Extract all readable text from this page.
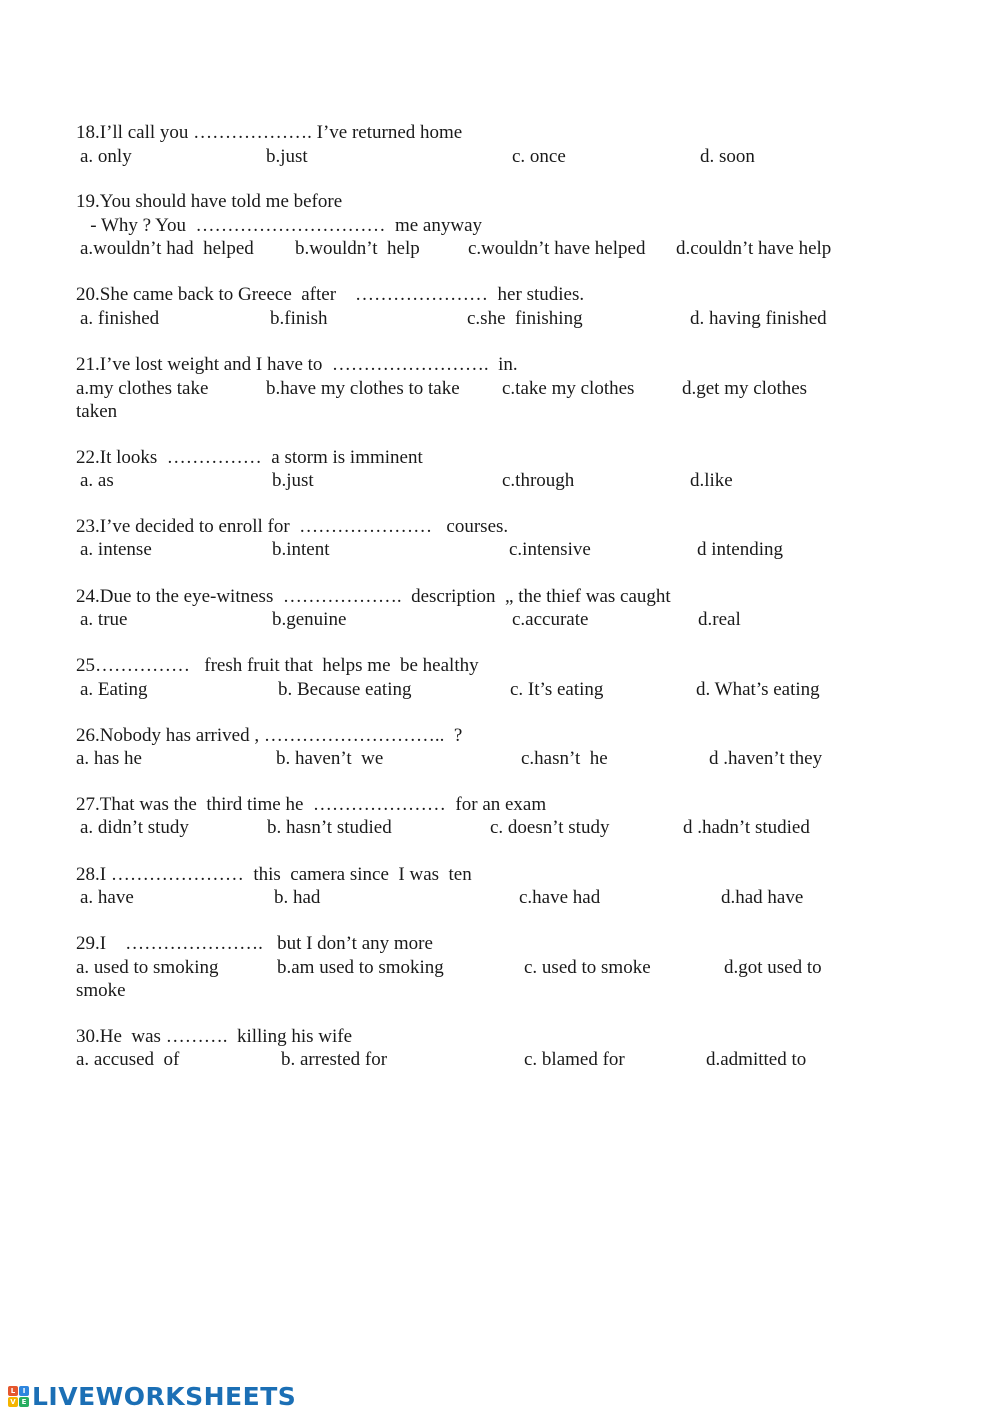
18.I’ll call you ………………. I’ve returned home
a. only	b.just	c. once	d. soon
19.You should have told me before
- Why ? You  …………………………  me anyway
a.wouldn’t had  helped b.wouldn’t  help	c.wouldn’t have helped d.couldn’t have help
20.She came back to Greece  after    …………………  her studies.
a. finished	b.finish	c.she  finishing	d. having finished
21.I’ve lost weight and I have to  …………………….  in.
a.my clothes take	b.have my clothes to take c.take my clothes	d.get my clothes
taken
22.It looks  ……………  a storm is imminent
a. as	b.just	c.through	d.like
23.I’ve decided to enroll for  …………………   courses.
a. intense	b.intent	c.intensive	d intending
24.Due to the eye-witness  ……………….  description  „ the thief was caught
a. true	b.genuine	c.accurate	d.real
25……………   fresh fruit that  helps me  be healthy
a. Eating	b. Because eating	c. It’s eating	d. What’s eating
26.Nobody has arrived , ………………………..  ?
a. has he	b. haven’t  we	c.hasn’t  he	d .haven’t they
27.That was the  third time he  …………………  for an exam
a. didn’t study	b. hasn’t studied	c. doesn’t study	d .hadn’t studied
28.I …………………  this  camera since  I was  ten
a. have	b. had	c.have had	d.had have
29.I    ………………….   but I don’t any more
a. used to smoking	b.am used to smoking	c. used to smoke	d.got used to
smoke
30.He  was ……….  killing his wife
a. accused  of	b. arrested for	c. blamed for	d.admitted to
L	I
V E LIVEWORKSHEETS
